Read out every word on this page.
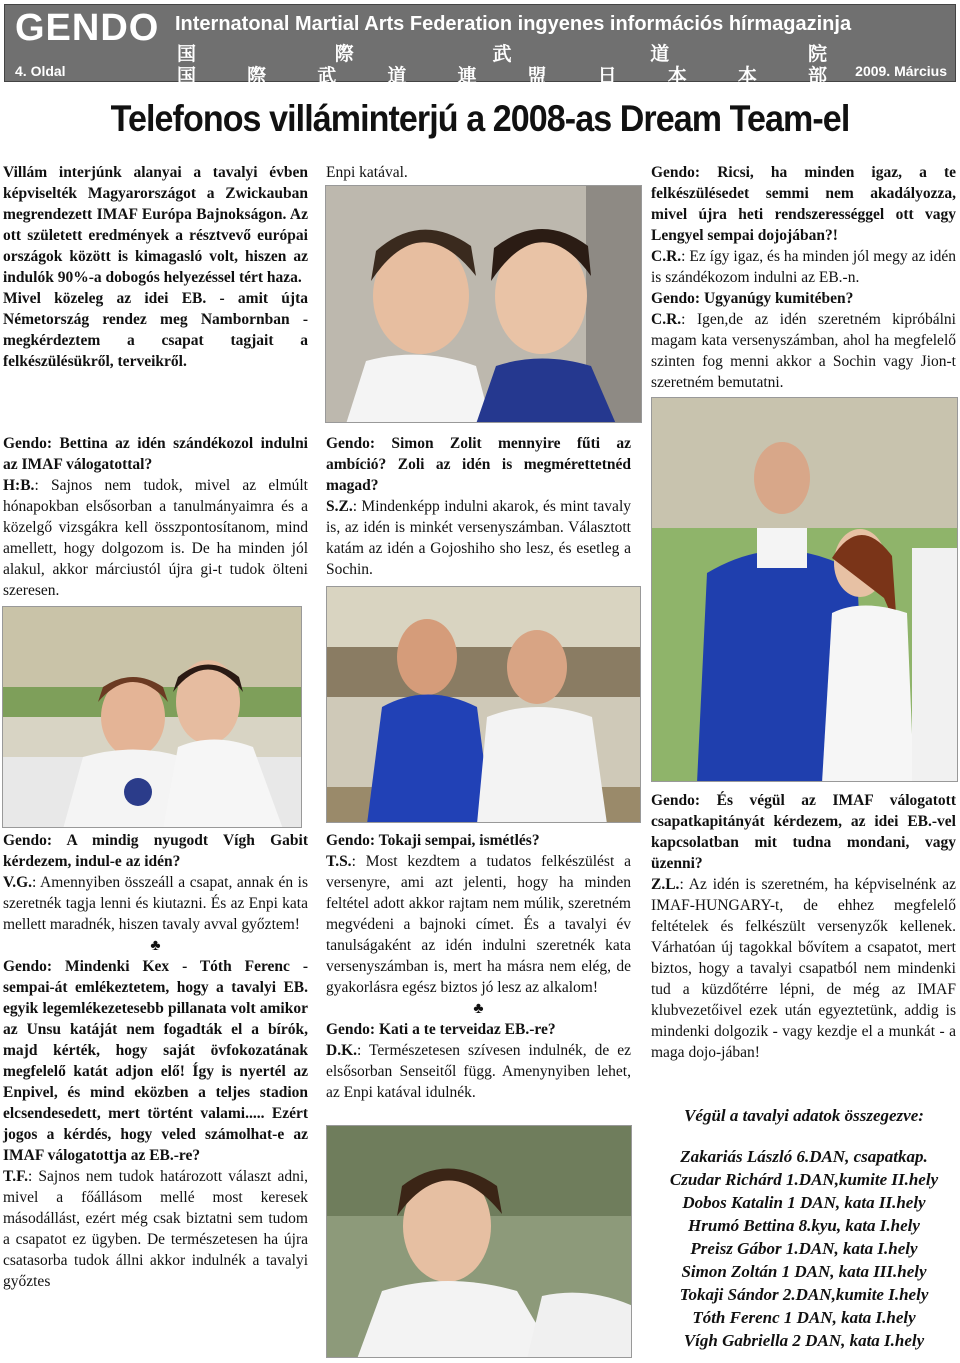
GENDO Internatonal Martial Arts Federation ingyenes információs hírmagazinja
国	際	武	道	院
国	際	武	道	連	盟	日	本	本	部
4. Oldal	2009. Március
Telefonos villáminterjú a 2008-as Dream Team-el

Villám interjúnk alanyai a tavalyi évben képviselték Magyarországot a Zwickauban megrendezett IMAF Európa Bajnokságon. Az ott született eredmények a résztvevő európai országok között is kimagasló volt, hiszen az indulók 90%-a dobogós helyezéssel tért haza.

Mivel közeleg az idei EB. - amit újta Németország rendez meg Nambornban - megkérdeztem a csapat tagjait a felkészülésükről, terveikről.

Gendo: Bettina az idén szándékozol indulni az IMAF válogatottal?

H:B.: Sajnos nem tudok, mivel az elmúlt hónapokban elsősorban a tanulmányaimra és a közelgő vizsgákra kell összpontosítanom, mind amellett, hogy dolgozom is. De ha minden jól alakul, akkor márciustól újra gi-t tudok ölteni szeresen.

Gendo: A mindig nyugodt Vígh Gabit kérdezem, indul-e az idén?

V.G.: Amennyiben összeáll a csapat, annak én is szeretnék tagja lenni és kiutazni. És az Enpi kata mellett maradnék, hiszen tavaly avval győztem!

♣

Gendo: Mindenki Kex - Tóth Ferenc - sempai-át emlékeztetem, hogy a tavalyi EB. egyik legemlékezetesebb pillanata volt amikor az Unsu katáját nem fogadták el a bírók, majd kérték, hogy saját övfokozatának megfelelő katát adjon elő! Így is nyertél az Enpivel, és mind eközben a teljes stadion elcsendesedett, mert történt valami..... Ezért jogos a kérdés, hogy veled számolhat-e az IMAF válogatottja az EB.-re?

T.F.: Sajnos nem tudok határozott választ adni, mivel a főállásom mellé most keresek másodállást, ezért még csak biztatni sem tudom a csapatot ez ügyben. De természetesen ha újra csatasorba tudok állni akkor indulnék a tavalyi győztes

Enpi katával.

Gendo: Simon Zolit mennyire fűti az ambíció? Zoli az idén is megmérettetnéd magad?

S.Z.: Mindenképp indulni akarok, és mint tavaly is, az idén is minkét versenyszámban. Választott katám az idén a Gojoshiho sho lesz, és esetleg a Sochin.

Gendo: Tokaji sempai, ismétlés?

T.S.: Most kezdtem a tudatos felkészülést a versenyre, ami azt jelenti, hogy ha minden feltétel adott akkor rajtam nem múlik, szeretném megvédeni a bajnoki címet. És a tavalyi év tanulságaként az idén indulni szeretnék kata versenyszámban is, mert ha másra nem elég, de gyakorlásra egész biztos jó lesz az alkalom!

♣

Gendo: Kati a te terveidaz EB.-re?

D.K.: Természetesen szívesen indulnék, de ez elsősorban Senseitől függ. Amenynyiben lehet, az Enpi katával idulnék.

Gendo: Ricsi, ha minden igaz, a te felkészülésedet semmi nem akadályozza, mivel újra heti rendszerességgel ott vagy Lengyel sempai dojojában?!

C.R.: Ez így igaz, és ha minden jól megy az idén is szándékozom indulni az EB.-n.

Gendo: Ugyanúgy kumitében?

C.R.: Igen,de az idén szeretném kipróbálni magam kata versenyszámban, ahol ha megfelelő szinten fog menni akkor a Sochin vagy Jion-t szeretném bemutatni.

Gendo: És végül az IMAF válogatott csapatkapitányát kérdezem, az idei EB.-vel kapcsolatban mit tudna mondani, vagy üzenni?

Z.L.: Az idén is szeretném, ha képviselnénk az IMAF-HUNGARY-t, de ehhez megfelelő feltételek és felkészült versenyzők kellenek. Várhatóan új tagokkal bővítem a csapatot, mert biztos, hogy a tavalyi csapatból nem mindenki tud a küzdőtérre lépni, de még az IMAF klubvezetőivel ezek után egyeztetünk, addig is mindenki dolgozik - vagy kezdje el a munkát - a maga dojo-jában!

Végül a tavalyi adatok összegezve:

Zakariás László 6.DAN, csapatkap.

Czudar Richárd 1.DAN,kumite II.hely

Dobos Katalin 1 DAN, kata II.hely

Hrumó Bettina 8.kyu, kata I.hely

Preisz Gábor 1.DAN, kata I.hely

Simon Zoltán 1 DAN, kata III.hely

Tokaji Sándor 2.DAN,kumite I.hely

Tóth Ferenc 1 DAN, kata I.hely

Vígh Gabriella 2 DAN, kata I.hely
